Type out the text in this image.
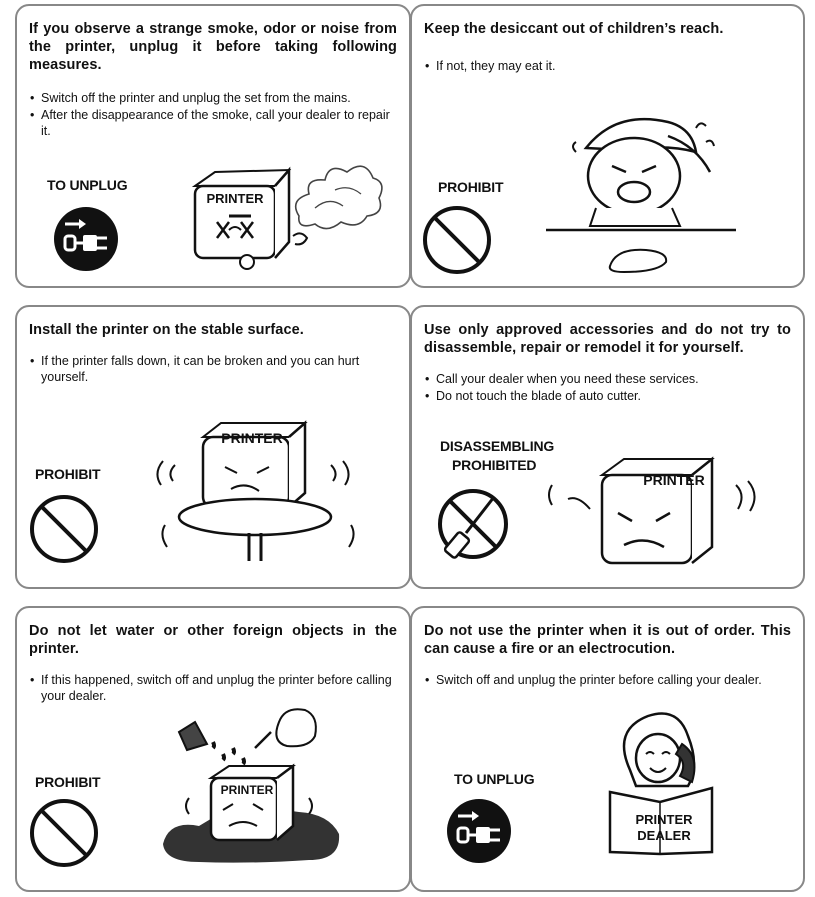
If you observe a strange smoke, odor or noise from the printer, unplug it before taking following measures.
• Switch off the printer and unplug the set from the mains.
• After the disappearance of the smoke, call your dealer to repair it.
TO UNPLUG
PRINTER
Keep the desiccant out of children’s reach.
• If not, they may eat it.
PROHIBIT
Install the printer on the stable surface.
• If the printer falls down, it can be broken and you can hurt yourself.
PROHIBIT
PRINTER
Use only approved accessories and do not try to disassemble, repair or remodel it for yourself.
• Call your dealer when you need these services.
• Do not touch the blade of auto cutter.
DISASSEMBLING
PROHIBITED
PRINTER
Do not let water or other foreign objects in the printer.
• If this happened, switch off and unplug the printer before calling your dealer.
PROHIBIT	PRINTER
Do not use the printer when it is out of order. This can cause a fire or an electrocution.
• Switch off and unplug the printer before calling your dealer.
TO UNPLUG
PRINTER
DEALER
